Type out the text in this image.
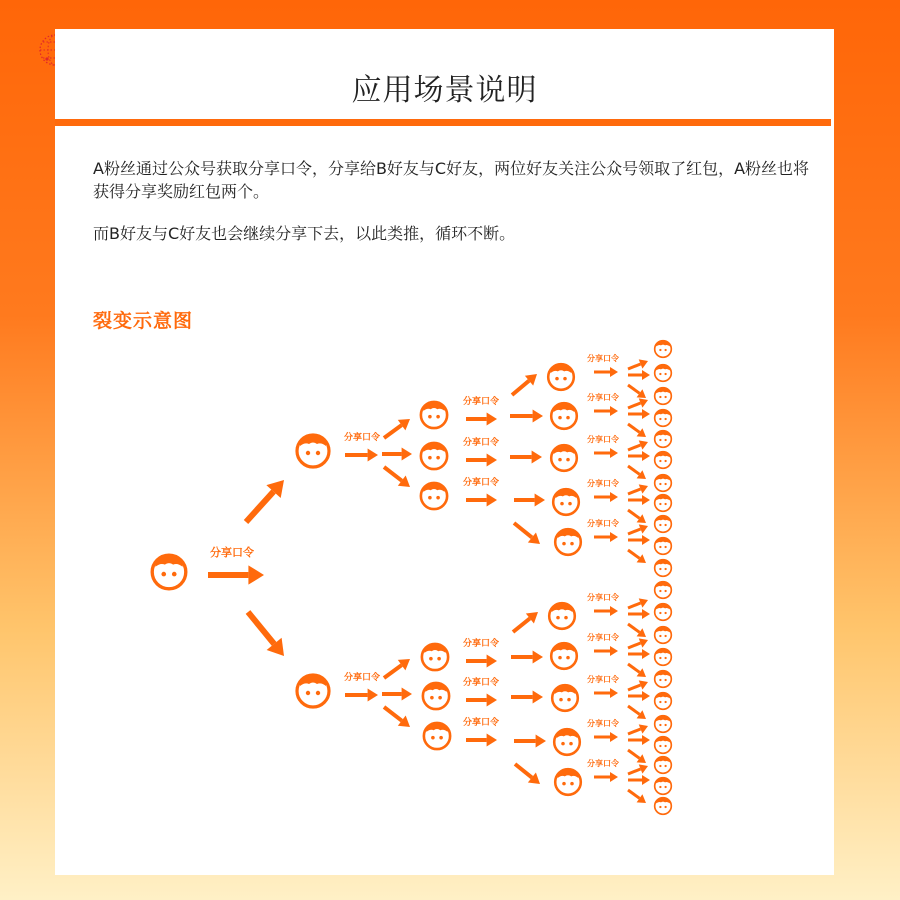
应用场景说明
A粉丝通过公众号获取分享口令，分享给B好友与C好友，两位好友关注公众号领取了红包，A粉丝也将获得分享奖励红包两个。
而B好友与C好友也会继续分享下去，以此类推，循环不断。
裂变示意图
分享口令
分享口令
分享口令
分享口令
分享口令
分享口令
分享口令
分享口令
分享口令
分享口令
分享口令
分享口令
分享口令
分享口令
分享口令
分享口令
分享口令
分享口令
分享口令
